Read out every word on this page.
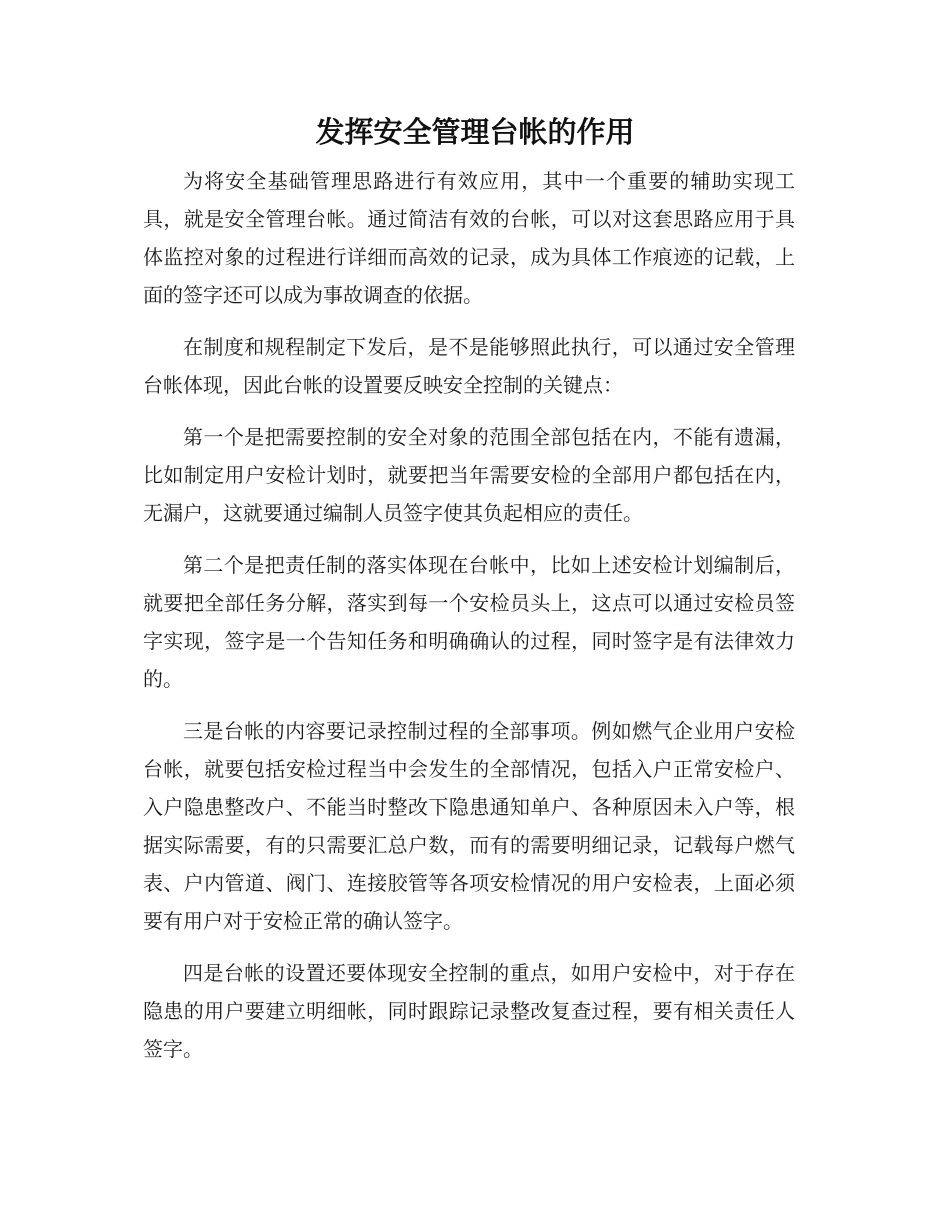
发挥安全管理台帐的作用

为将安全基础管理思路进行有效应用，其中一个重要的辅助实现工具，就是安全管理台帐。通过简洁有效的台帐，可以对这套思路应用于具体监控对象的过程进行详细而高效的记录，成为具体工作痕迹的记载，上面的签字还可以成为事故调查的依据。

在制度和规程制定下发后，是不是能够照此执行，可以通过安全管理台帐体现，因此台帐的设置要反映安全控制的关键点：

第一个是把需要控制的安全对象的范围全部包括在内，不能有遗漏，比如制定用户安检计划时，就要把当年需要安检的全部用户都包括在内，无漏户，这就要通过编制人员签字使其负起相应的责任。

第二个是把责任制的落实体现在台帐中，比如上述安检计划编制后，就要把全部任务分解，落实到每一个安检员头上，这点可以通过安检员签字实现，签字是一个告知任务和明确确认的过程，同时签字是有法律效力的。

三是台帐的内容要记录控制过程的全部事项。例如燃气企业用户安检台帐，就要包括安检过程当中会发生的全部情况，包括入户正常安检户、入户隐患整改户、不能当时整改下隐患通知单户、各种原因未入户等，根据实际需要，有的只需要汇总户数，而有的需要明细记录，记载每户燃气表、户内管道、阀门、连接胶管等各项安检情况的用户安检表，上面必须要有用户对于安检正常的确认签字。

四是台帐的设置还要体现安全控制的重点，如用户安检中，对于存在隐患的用户要建立明细帐，同时跟踪记录整改复查过程，要有相关责任人签字。
